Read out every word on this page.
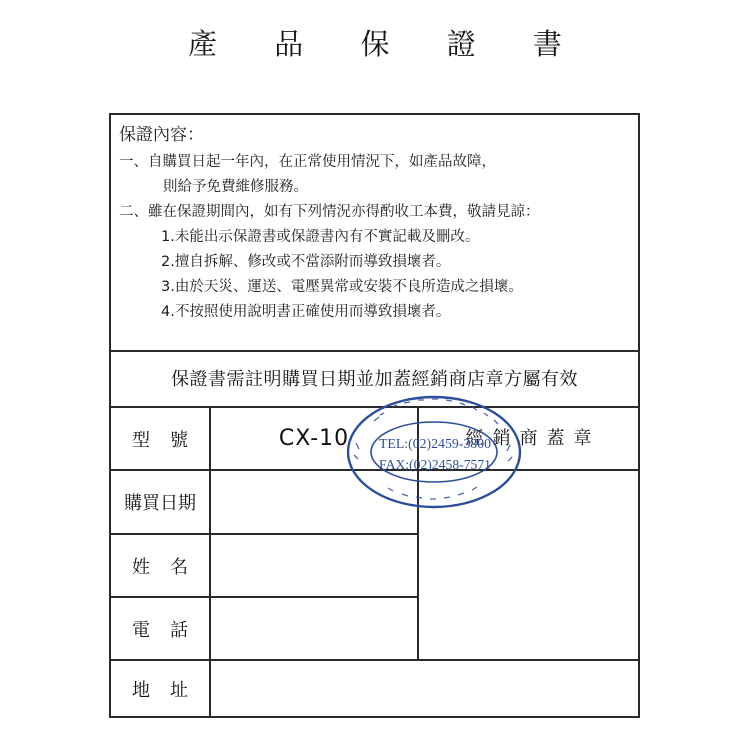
產 品 保 證 書
保證內容：
一、自購買日起一年內，在正常使用情況下，如產品故障，
則給予免費維修服務。
二、雖在保證期間內，如有下列情況亦得酌收工本費，敬請見諒：
1.未能出示保證書或保證書內有不實記載及刪改。
2.擅自拆解、修改或不當添附而導致損壞者。
3.由於天災、運送、電壓異常或安裝不良所造成之損壞。
4.不按照使用說明書正確使用而導致損壞者。
保證書需註明購買日期並加蓋經銷商店章方屬有效
型號	CX-10	經銷商蓋章
購買日期
姓名
電話
地址
TEL:(02)2459-3800
FAX:(02)2458-7571
